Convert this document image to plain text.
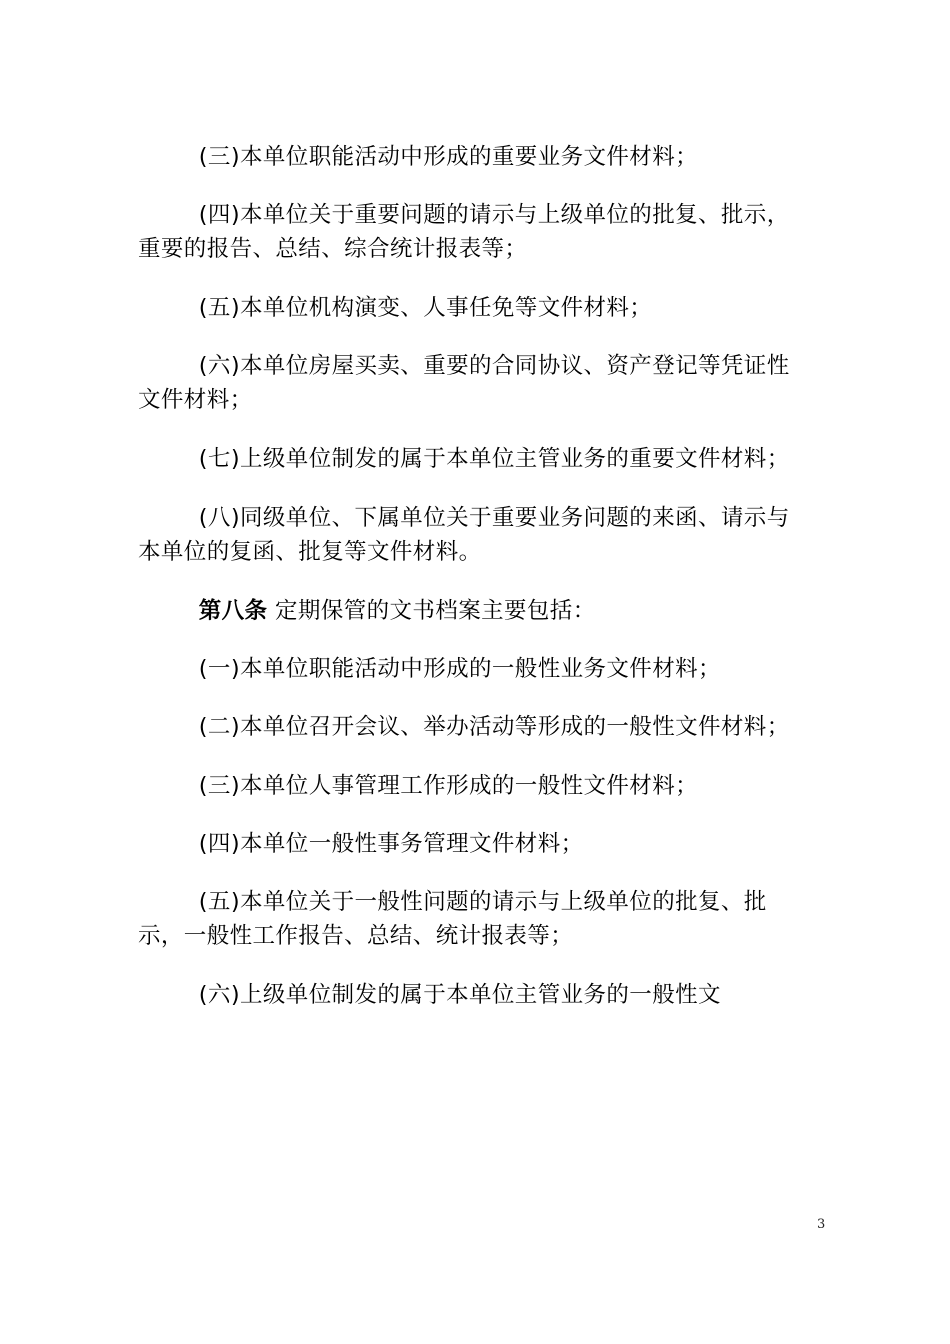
(三)本单位职能活动中形成的重要业务文件材料；

(四)本单位关于重要问题的请示与上级单位的批复、批示， 重要的报告、总结、综合统计报表等；

(五)本单位机构演变、人事任免等文件材料；

(六)本单位房屋买卖、重要的合同协议、资产登记等凭证性 文件材料；

(七)上级单位制发的属于本单位主管业务的重要文件材料；

(八)同级单位、下属单位关于重要业务问题的来函、请示与 本单位的复函、批复等文件材料。

第八条 定期保管的文书档案主要包括：

(一)本单位职能活动中形成的一般性业务文件材料；

(二)本单位召开会议、举办活动等形成的一般性文件材料；

(三)本单位人事管理工作形成的一般性文件材料；

(四)本单位一般性事务管理文件材料；

(五)本单位关于一般性问题的请示与上级单位的批复、批示，一般性工作报告、总结、统计报表等；

(六)上级单位制发的属于本单位主管业务的一般性文

3
